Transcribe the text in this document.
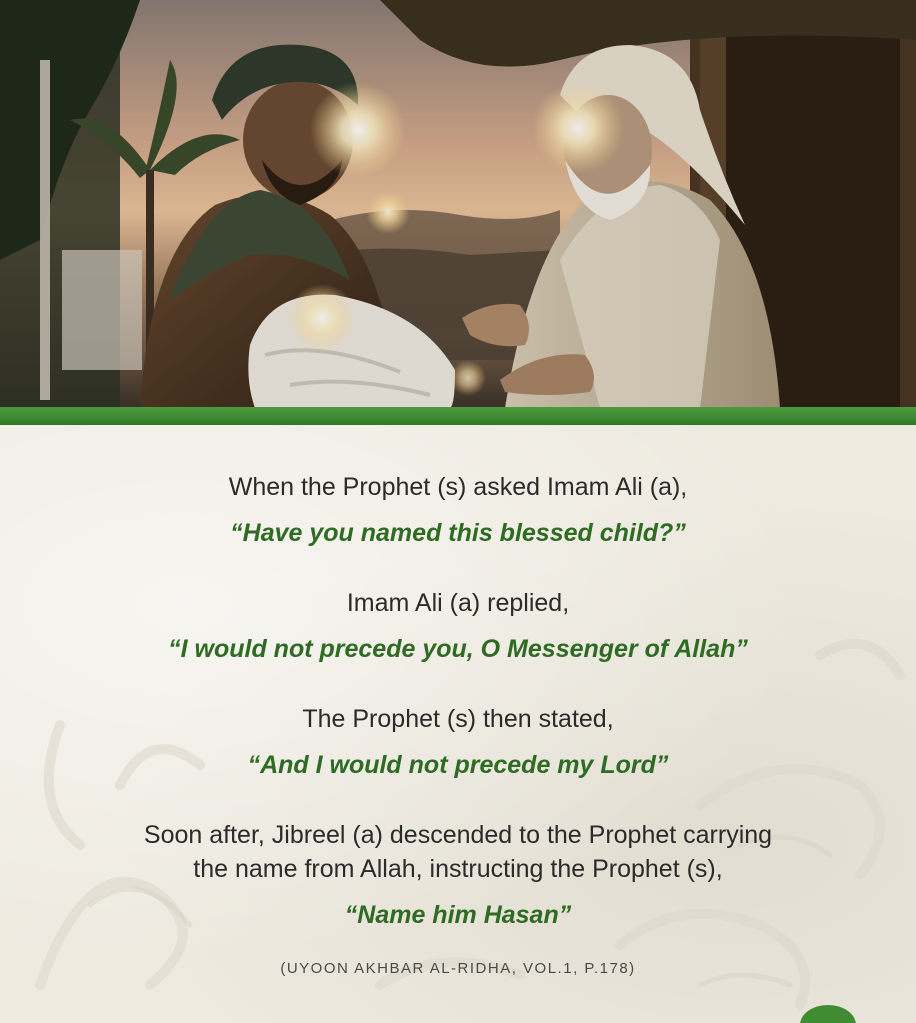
When the Prophet (s) asked Imam Ali (a),
“Have you named this blessed child?”
Imam Ali (a) replied,
“I would not precede you, O Messenger of Allah”
The Prophet (s) then stated,
“And I would not precede my Lord”
Soon after, Jibreel (a) descended to the Prophet carrying
the name from Allah, instructing the Prophet (s),
“Name him Hasan”
(UYOON AKHBAR AL-RIDHA, VOL.1, P.178)
